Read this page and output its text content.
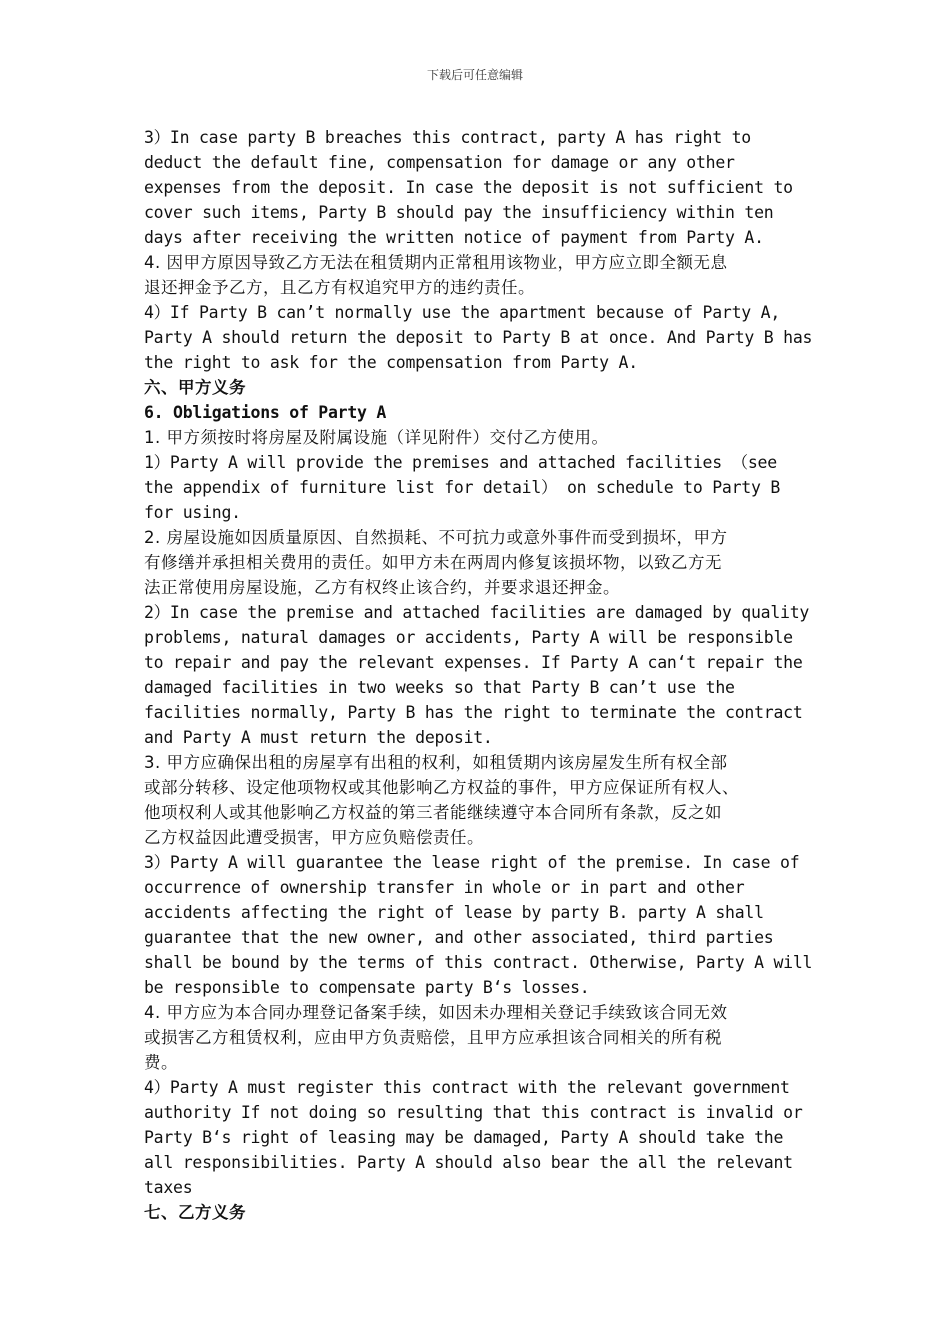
下载后可任意编辑
3）In case party B breaches this contract, party A has right to
deduct the default fine, compensation for damage or any other
expenses from the deposit. In case the deposit is not sufficient to
cover such items, Party B should pay the insufficiency within ten
days after receiving the written notice of payment from Party A.
4. 因甲方原因导致乙方无法在租赁期内正常租用该物业，甲方应立即全额无息
退还押金予乙方，且乙方有权追究甲方的违约责任。
4）If Party B can’t normally use the apartment because of Party A,
Party A should return the deposit to Party B at once. And Party B has
the right to ask for the compensation from Party A.
六、甲方义务
6. Obligations of Party A
1. 甲方须按时将房屋及附属设施（详见附件）交付乙方使用。
1）Party A will provide the premises and attached facilities （see
the appendix of furniture list for detail） on schedule to Party B
for using.
2. 房屋设施如因质量原因、自然损耗、不可抗力或意外事件而受到损坏，甲方
有修缮并承担相关费用的责任。如甲方未在两周内修复该损坏物，以致乙方无
法正常使用房屋设施，乙方有权终止该合约，并要求退还押金。
2）In case the premise and attached facilities are damaged by quality
problems, natural damages or accidents, Party A will be responsible
to repair and pay the relevant expenses. If Party A can‘t repair the
damaged facilities in two weeks so that Party B can’t use the
facilities normally, Party B has the right to terminate the contract
and Party A must return the deposit.
3. 甲方应确保出租的房屋享有出租的权利，如租赁期内该房屋发生所有权全部
或部分转移、设定他项物权或其他影响乙方权益的事件，甲方应保证所有权人、
他项权利人或其他影响乙方权益的第三者能继续遵守本合同所有条款，反之如
乙方权益因此遭受损害，甲方应负赔偿责任。
3）Party A will guarantee the lease right of the premise. In case of
occurrence of ownership transfer in whole or in part and other
accidents affecting the right of lease by party B. party A shall
guarantee that the new owner, and other associated, third parties
shall be bound by the terms of this contract. Otherwise, Party A will
be responsible to compensate party B‘s losses.
4. 甲方应为本合同办理登记备案手续，如因未办理相关登记手续致该合同无效
或损害乙方租赁权利，应由甲方负责赔偿，且甲方应承担该合同相关的所有税
费。
4）Party A must register this contract with the relevant government
authority If not doing so resulting that this contract is invalid or
Party B‘s right of leasing may be damaged, Party A should take the
all responsibilities. Party A should also bear the all the relevant
taxes
七、乙方义务
